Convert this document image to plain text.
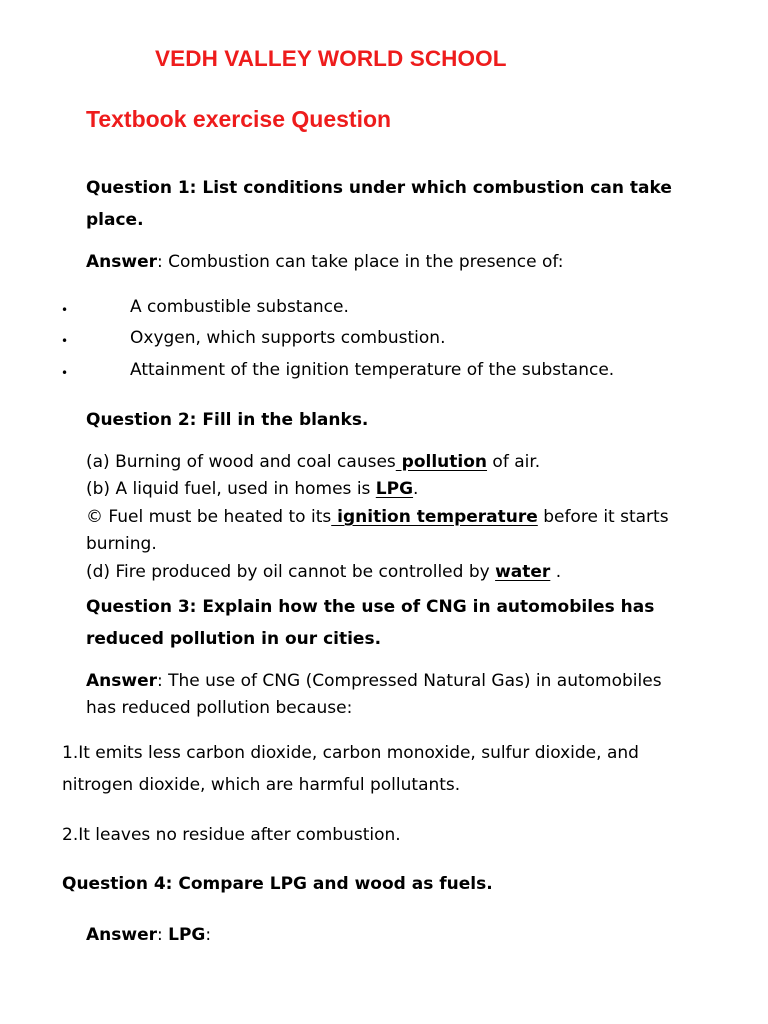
VEDH VALLEY WORLD SCHOOL
Textbook exercise Question
Question 1: List conditions under which combustion can take
place.
Answer: Combustion can take place in the presence of:
•	A combustible substance.
•	Oxygen, which supports combustion.
•	Attainment of the ignition temperature of the substance.
Question 2: Fill in the blanks.
(a) Burning of wood and coal causes pollution of air.
(b) A liquid fuel, used in homes is LPG.
© Fuel must be heated to its ignition temperature before it starts
burning.
(d) Fire produced by oil cannot be controlled by water .
Question 3: Explain how the use of CNG in automobiles has
reduced pollution in our cities.
Answer: The use of CNG (Compressed Natural Gas) in automobiles
has reduced pollution because:
1.It emits less carbon dioxide, carbon monoxide, sulfur dioxide, and
nitrogen dioxide, which are harmful pollutants.
2.It leaves no residue after combustion.
Question 4: Compare LPG and wood as fuels.
Answer: LPG:
